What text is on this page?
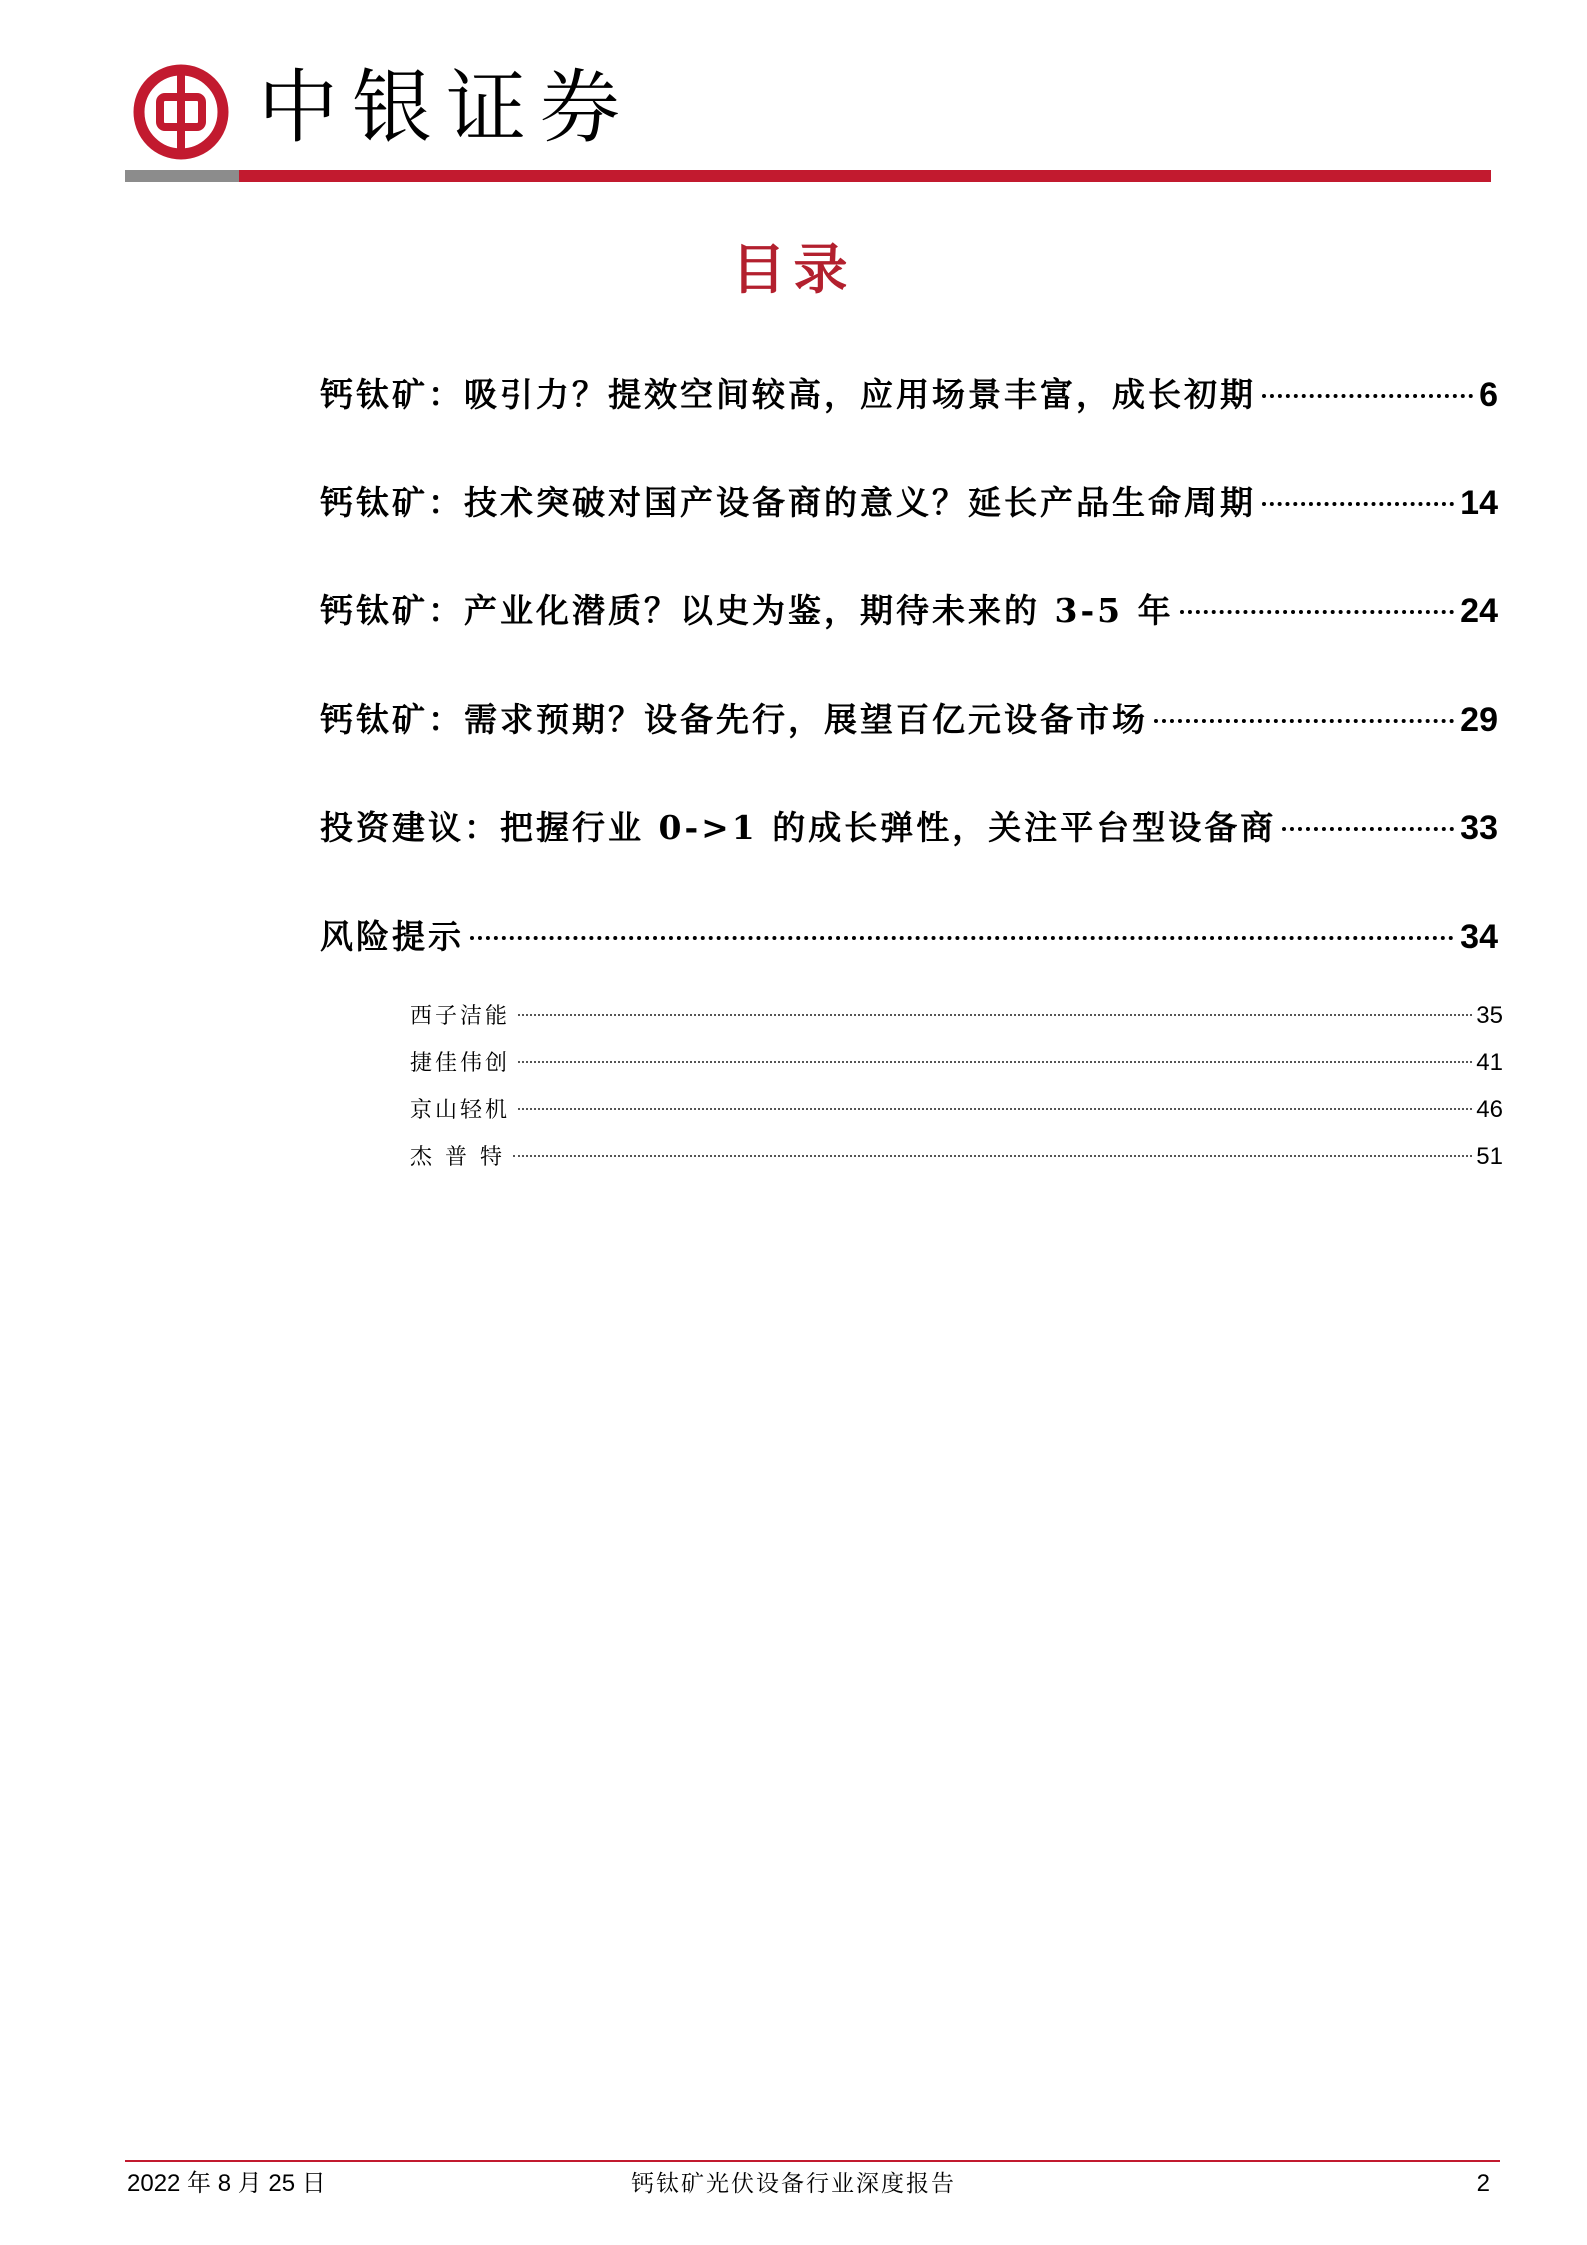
中银证券
目录
钙钛矿：吸引力？提效空间较高，应用场景丰富，成长初期	6
钙钛矿：技术突破对国产设备商的意义？延长产品生命周期	14
钙钛矿：产业化潜质？以史为鉴，期待未来的 3-5 年	24
钙钛矿：需求预期？设备先行，展望百亿元设备市场	29
投资建议：把握行业 0->1 的成长弹性，关注平台型设备商	33
风险提示	34
西子洁能	35
捷佳伟创	41
京山轻机	46
杰 普 特	51
2022 年 8 月 25 日	钙钛矿光伏设备行业深度报告	2
